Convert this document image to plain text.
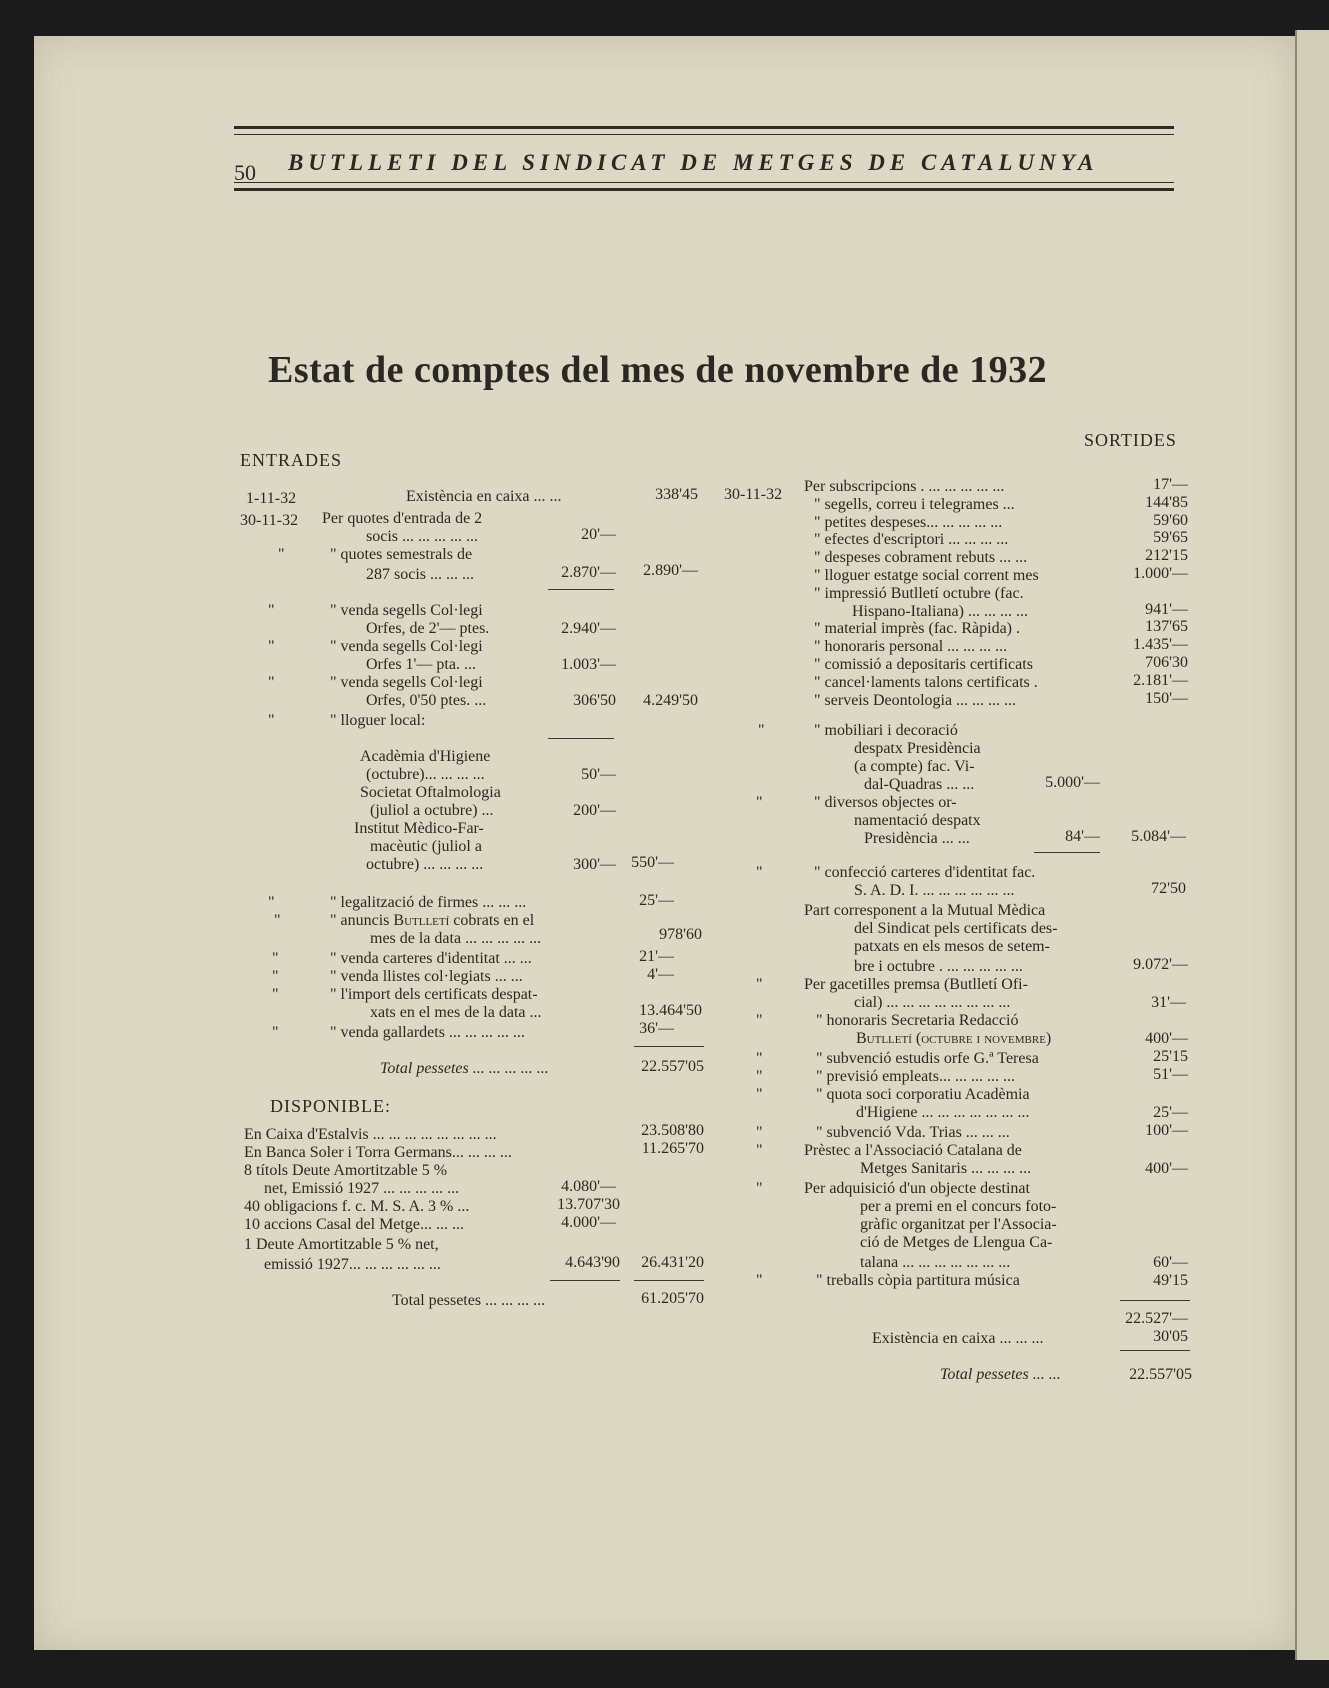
50 BUTLLETI DEL SINDICAT DE METGES DE CATALUNYA
Estat de comptes del mes de novembre de 1932
ENTRADES
SORTIDES
1-11-32	Existència en caixa ... ...	338'45
30-11-32 Per quotes d'entrada de 2
socis ... ... ... ... ...	20'—
"	" quotes semestrals de
287 socis ... ... ...	2.870'—	2.890'—
"	" venda segells Col·legi
Orfes, de 2'— ptes.	2.940'—
"	" venda segells Col·legi
Orfes 1'— pta. ...	1.003'—
"	" venda segells Col·legi
Orfes, 0'50 ptes. ...	306'50	4.249'50
"	" lloguer local:
Acadèmia d'Higiene
(octubre)... ... ... ...	50'—
Societat Oftalmologia
(juliol a octubre) ...	200'—
Institut Mèdico-Far-
macèutic (juliol a
octubre) ... ... ... ...	300'— 550'—
"	" legalització de firmes ... ... ...	25'—
"	" anuncis Butlletí cobrats en el
mes de la data ... ... ... ... ...	978'60
"	" venda carteres d'identitat ... ...	21'—
"	" venda llistes col·legiats ... ...	4'—
"	" l'import dels certificats despat-
xats en el mes de la data ...	13.464'50
"	" venda gallardets ... ... ... ... ...	36'—
Total pessetes ... ... ... ... ...	22.557'05
DISPONIBLE:
En Caixa d'Estalvis ... ... ... ... ... ... ... ...	23.508'80
En Banca Soler i Torra Germans... ... ... ...	11.265'70
8 títols Deute Amortitzable 5 %
net, Emissió 1927 ... ... ... ... ...	4.080'—
40 obligacions f. c. M. S. A. 3 % ...	13.707'30
10 accions Casal del Metge... ... ...	4.000'—
1 Deute Amortitzable 5 % net,
emissió 1927... ... ... ... ... ...	4.643'90	26.431'20
Total pessetes ... ... ... ...	61.205'70
30-11-32 Per subscripcions . ... ... ... ... ...	17'—
" segells, correu i telegrames ...	144'85
" petites despeses... ... ... ... ...	59'60
" efectes d'escriptori ... ... ... ...	59'65
" despeses cobrament rebuts ... ...	212'15
" lloguer estatge social corrent mes	1.000'—
" impressió Butlletí octubre (fac.
Hispano-Italiana) ... ... ... ...	941'—
" material imprès (fac. Ràpida) .	137'65
" honoraris personal ... ... ... ...	1.435'—
" comissió a depositaris certificats	706'30
" cancel·laments talons certificats .	2.181'—
" serveis Deontologia ... ... ... ...	150'—
"	" mobiliari i decoració
despatx Presidència
(a compte) fac. Vi-
dal-Quadras ... ...	5.000'—
"	" diversos objectes or-
namentació despatx
Presidència ... ...	84'—	5.084'—
"	" confecció carteres d'identitat fac.
S. A. D. I. ... ... ... ... ... ...	72'50
Part corresponent a la Mutual Mèdica
del Sindicat pels certificats des-
patxats en els mesos de setem-
bre i octubre . ... ... ... ... ...	9.072'—
"	Per gacetilles premsa (Butlletí Ofi-
cial) ... ... ... ... ... ... ... ...	31'—
"	" honoraris Secretaria Redacció
Butlletí (octubre i novembre)	400'—
"	" subvenció estudis orfe G.ª Teresa	25'15
"	" previsió empleats... ... ... ... ...	51'—
"	" quota soci corporatiu Acadèmia
d'Higiene ... ... ... ... ... ... ...	25'—
"	" subvenció Vda. Trias ... ... ...	100'—
"	Prèstec a l'Associació Catalana de
Metges Sanitaris ... ... ... ...	400'—
"	Per adquisició d'un objecte destinat
per a premi en el concurs foto-
gràfic organitzat per l'Associa-
ció de Metges de Llengua Ca-
talana ... ... ... ... ... ... ...	60'—
"	" treballs còpia partitura música	49'15
22.527'—
Existència en caixa ... ... ...	30'05
Total pessetes ... ...	22.557'05
